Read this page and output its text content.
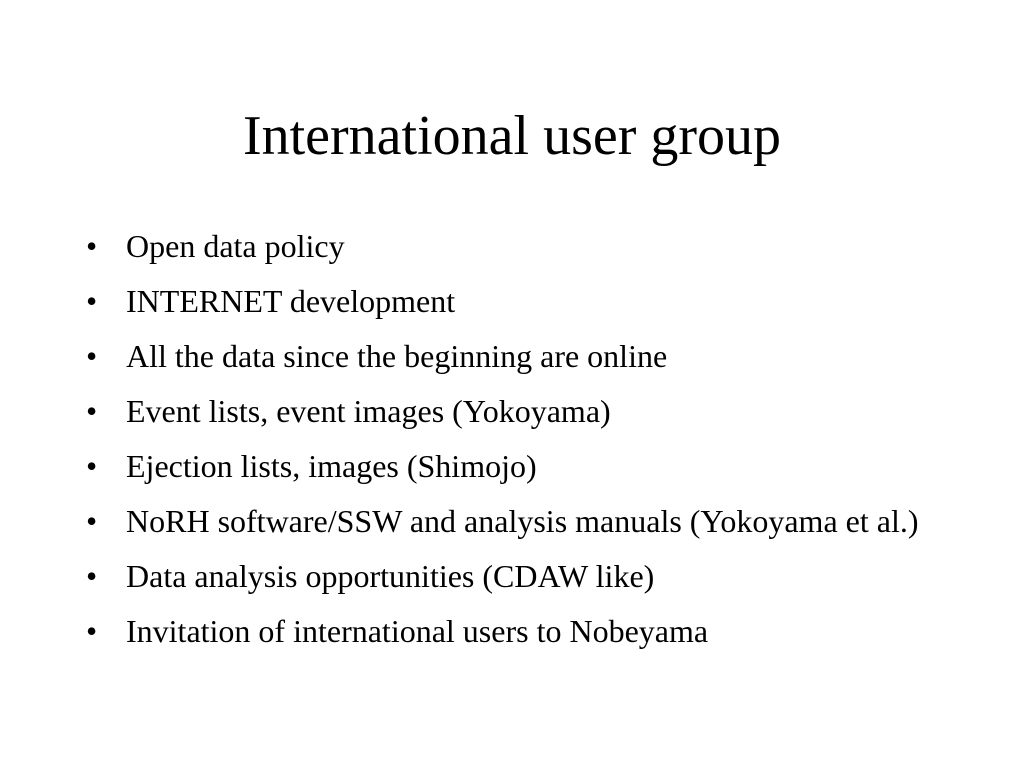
International user group
• Open data policy
• INTERNET development
• All the data since the beginning are online
• Event lists, event images (Yokoyama)
• Ejection lists, images (Shimojo)
• NoRH software/SSW and analysis manuals (Yokoyama et al.)
• Data analysis opportunities (CDAW like)
• Invitation of international users to Nobeyama
